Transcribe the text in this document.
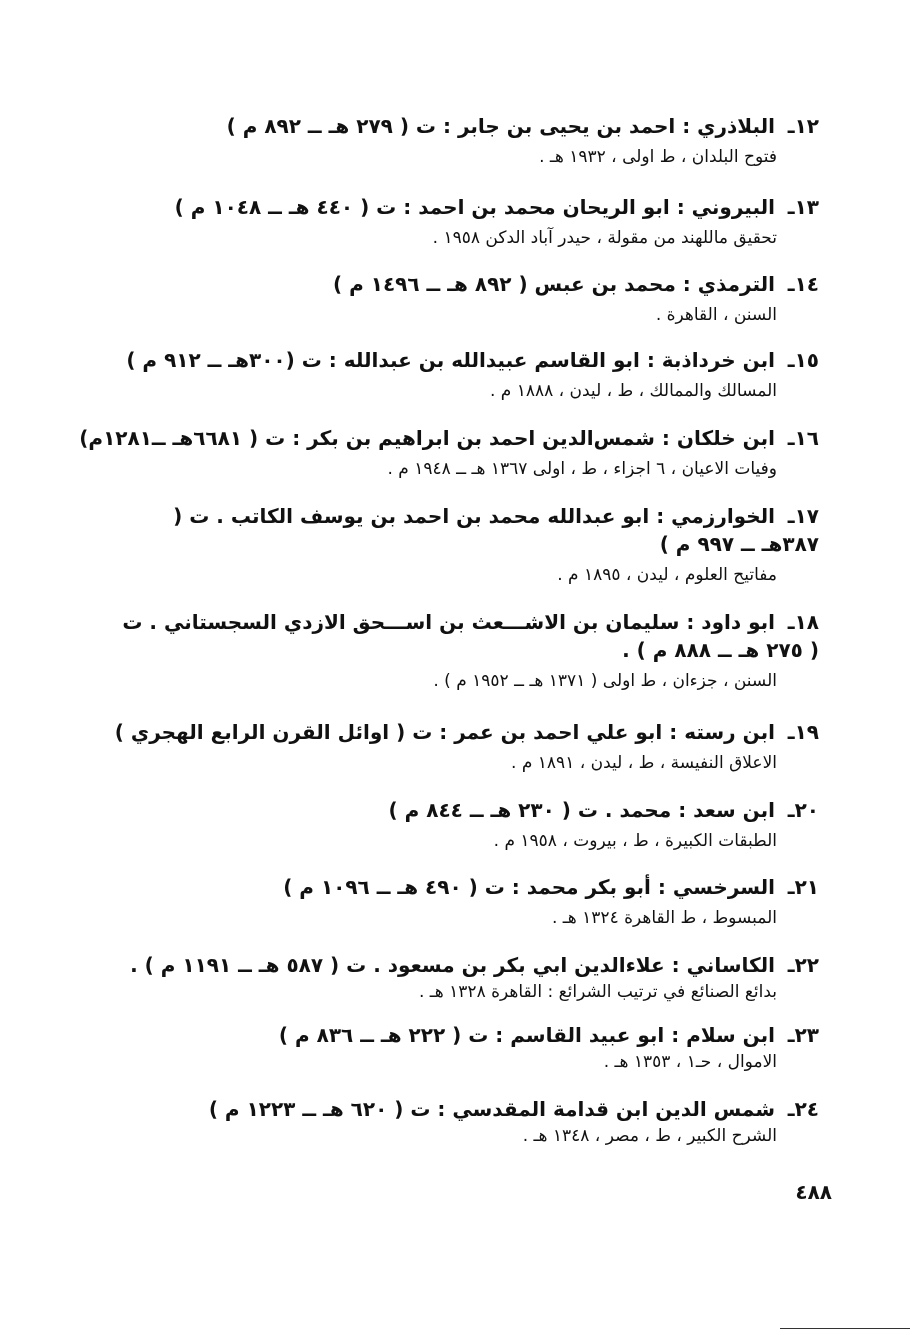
١٢ـالبلاذري : احمد بن يحيى بن جابر : ت ( ٢٧٩ هـ ــ ٨٩٢ م )
فتوح البلدان ، ط اولى ، ١٩٣٢ هـ .
١٣ـالبيروني : ابو الريحان محمد بن احمد : ت ( ٤٤٠ هـ ــ ١٠٤٨ م )
تحقيق ماللهند من مقولة ، حيدر آباد الدكن ١٩٥٨ .
١٤ـالترمذي : محمد بن عبس ( ٨٩٢ هـ ــ ١٤٩٦ م )
السنن ، القاهرة .
١٥ـابن خرداذبة : ابو القاسم عبيدالله بن عبدالله : ت (٣٠٠هـ ــ ٩١٢ م )
المسالك والممالك ، ط ، ليدن ، ١٨٨٨ م .
١٦ـابن خلكان : شمس‌الدين احمد بن ابراهيم بن بكر : ت ( ٦٦٨١هـ ــ١٢٨١م)
وفيات الاعيان ، ٦ اجزاء ، ط ، اولى ١٣٦٧ هـ ــ ١٩٤٨ م .
١٧ـالخوارزمي : ابو عبدالله محمد بن احمد بن يوسف الكاتب . ت ( ٣٨٧هـ ــ ٩٩٧ م )
مفاتيح العلوم ، ليدن ، ١٨٩٥ م .
١٨ـابو داود : سليمان بن الاشـــعث بن اســـحق الازدي السجستاني . ت ( ٢٧٥ هـ ــ ٨٨٨ م ) .
السنن ، جزءان ، ط اولى ( ١٣٧١ هـ ــ ١٩٥٢ م ) .
١٩ـابن رسته : ابو علي احمد بن عمر : ت ( اوائل القرن الرابع الهجري )
الاعلاق النفيسة ، ط ، ليدن ، ١٨٩١ م .
٢٠ـابن سعد : محمد . ت ( ٢٣٠ هـ ــ ٨٤٤ م )
الطبقات الكبيرة ، ط ، بيروت ، ١٩٥٨ م .
٢١ـالسرخسي : أبو بكر محمد : ت ( ٤٩٠ هـ ــ ١٠٩٦ م )
المبسوط ، ط القاهرة ١٣٢٤ هـ .
٢٢ـالكاساني : علاءالدين ابي بكر بن مسعود . ت ( ٥٨٧ هـ ــ ١١٩١ م ) .
بدائع الصنائع في ترتيب الشرائع : القاهرة ١٣٢٨ هـ .
٢٣ـابن سلام : ابو عبيد القاسم : ت ( ٢٢٢ هـ ــ ٨٣٦ م )
الاموال ، حـ١ ، ١٣٥٣ هـ .
٢٤ـشمس الدين ابن قدامة المقدسي : ت ( ٦٢٠ هـ ــ ١٢٢٣ م )
الشرح الكبير ، ط ، مصر ، ١٣٤٨ هـ .
٤٨٨
